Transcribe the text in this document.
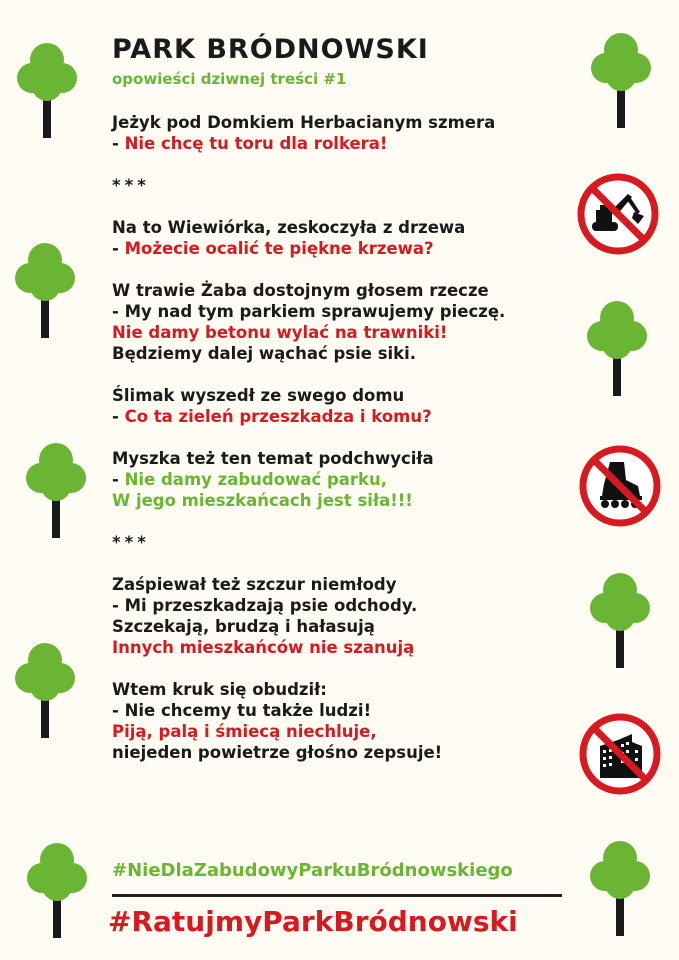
PARK BRÓDNOWSKI
opowieści dziwnej treści #1
Jeżyk pod Domkiem Herbacianym szmera
- Nie chcę tu toru dla rolkera!
***
Na to Wiewiórka, zeskoczyła z drzewa
- Możecie ocalić te piękne krzewa?
W trawie Żaba dostojnym głosem rzecze
- My nad tym parkiem sprawujemy pieczę.
Nie damy betonu wylać na trawniki!
Będziemy dalej wąchać psie siki.
Ślimak wyszedł ze swego domu
- Co ta zieleń przeszkadza i komu?
Myszka też ten temat podchwyciła
- Nie damy zabudować parku,
W jego mieszkańcach jest siła!!!
***
Zaśpiewał też szczur niemłody
- Mi przeszkadzają psie odchody.
Szczekają, brudzą i hałasują
Innych mieszkańców nie szanują
Wtem kruk się obudził:
- Nie chcemy tu także ludzi!
Piją, palą i śmiecą niechluje,
niejeden powietrze głośno zepsuje!
#NieDlaZabudowyParkuBródnowskiego
#RatujmyParkBródnowski
